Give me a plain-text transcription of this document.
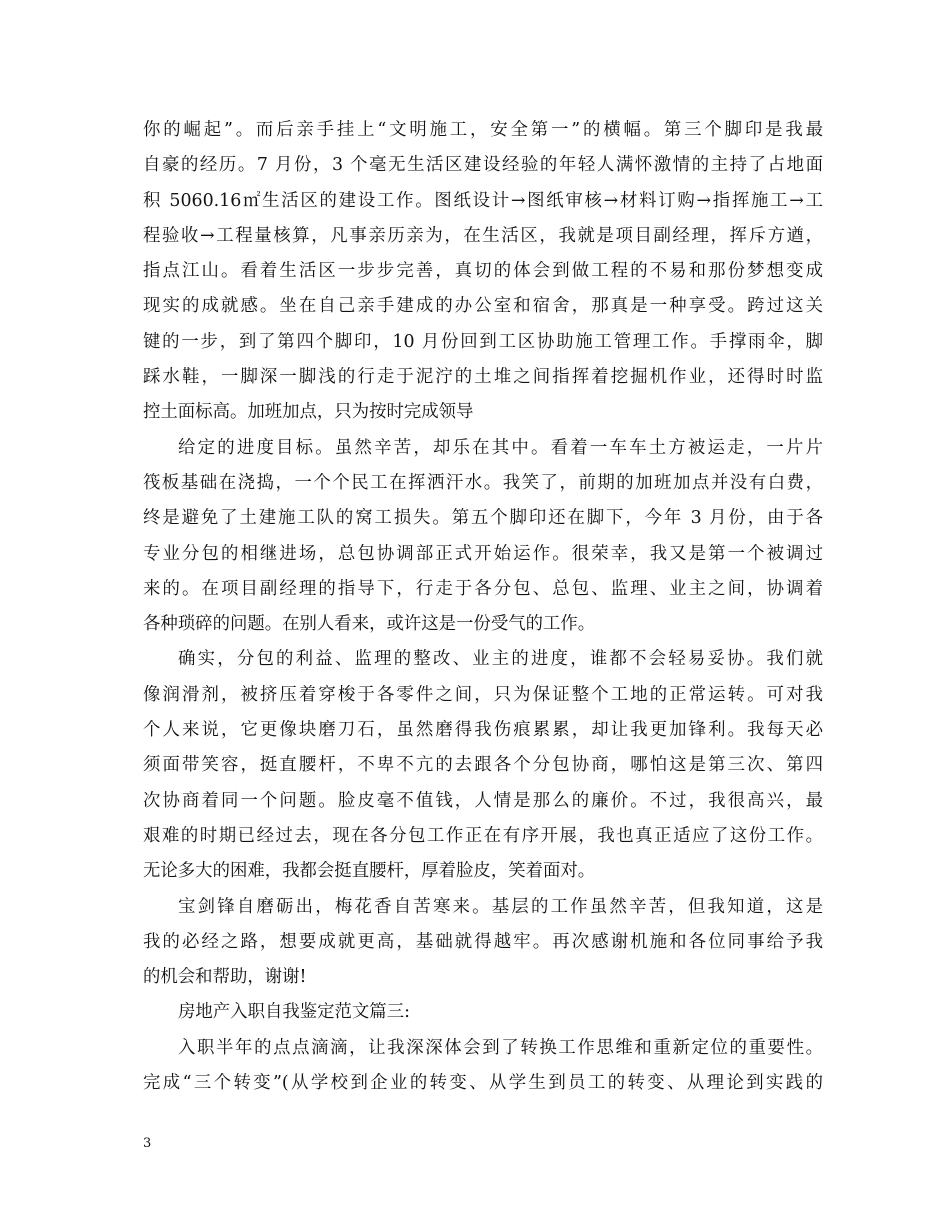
你的崛起”。而后亲手挂上“文明施工，安全第一”的横幅。第三个脚印是我最
自豪的经历。7 月份，3 个毫无生活区建设经验的年轻人满怀激情的主持了占地面
积 5060.16㎡生活区的建设工作。图纸设计→图纸审核→材料订购→指挥施工→工
程验收→工程量核算，凡事亲历亲为，在生活区，我就是项目副经理，挥斥方遒，
指点江山。看着生活区一步步完善，真切的体会到做工程的不易和那份梦想变成
现实的成就感。坐在自己亲手建成的办公室和宿舍，那真是一种享受。跨过这关
键的一步，到了第四个脚印，10 月份回到工区协助施工管理工作。手撑雨伞，脚
踩水鞋，一脚深一脚浅的行走于泥泞的土堆之间指挥着挖掘机作业，还得时时监
控土面标高。加班加点，只为按时完成领导
给定的进度目标。虽然辛苦，却乐在其中。看着一车车土方被运走，一片片
筏板基础在浇捣，一个个民工在挥洒汗水。我笑了，前期的加班加点并没有白费，
终是避免了土建施工队的窝工损失。第五个脚印还在脚下，今年 3 月份，由于各
专业分包的相继进场，总包协调部正式开始运作。很荣幸，我又是第一个被调过
来的。在项目副经理的指导下，行走于各分包、总包、监理、业主之间，协调着
各种琐碎的问题。在别人看来，或许这是一份受气的工作。
确实，分包的利益、监理的整改、业主的进度，谁都不会轻易妥协。我们就
像润滑剂，被挤压着穿梭于各零件之间，只为保证整个工地的正常运转。可对我
个人来说，它更像块磨刀石，虽然磨得我伤痕累累，却让我更加锋利。我每天必
须面带笑容，挺直腰杆，不卑不亢的去跟各个分包协商，哪怕这是第三次、第四
次协商着同一个问题。脸皮毫不值钱，人情是那么的廉价。不过，我很高兴，最
艰难的时期已经过去，现在各分包工作正在有序开展，我也真正适应了这份工作。
无论多大的困难，我都会挺直腰杆，厚着脸皮，笑着面对。
宝剑锋自磨砺出，梅花香自苦寒来。基层的工作虽然辛苦，但我知道，这是
我的必经之路，想要成就更高，基础就得越牢。再次感谢机施和各位同事给予我
的机会和帮助，谢谢!
房地产入职自我鉴定范文篇三:
入职半年的点点滴滴，让我深深体会到了转换工作思维和重新定位的重要性。
完成“三个转变”(从学校到企业的转变、从学生到员工的转变、从理论到实践的
3
